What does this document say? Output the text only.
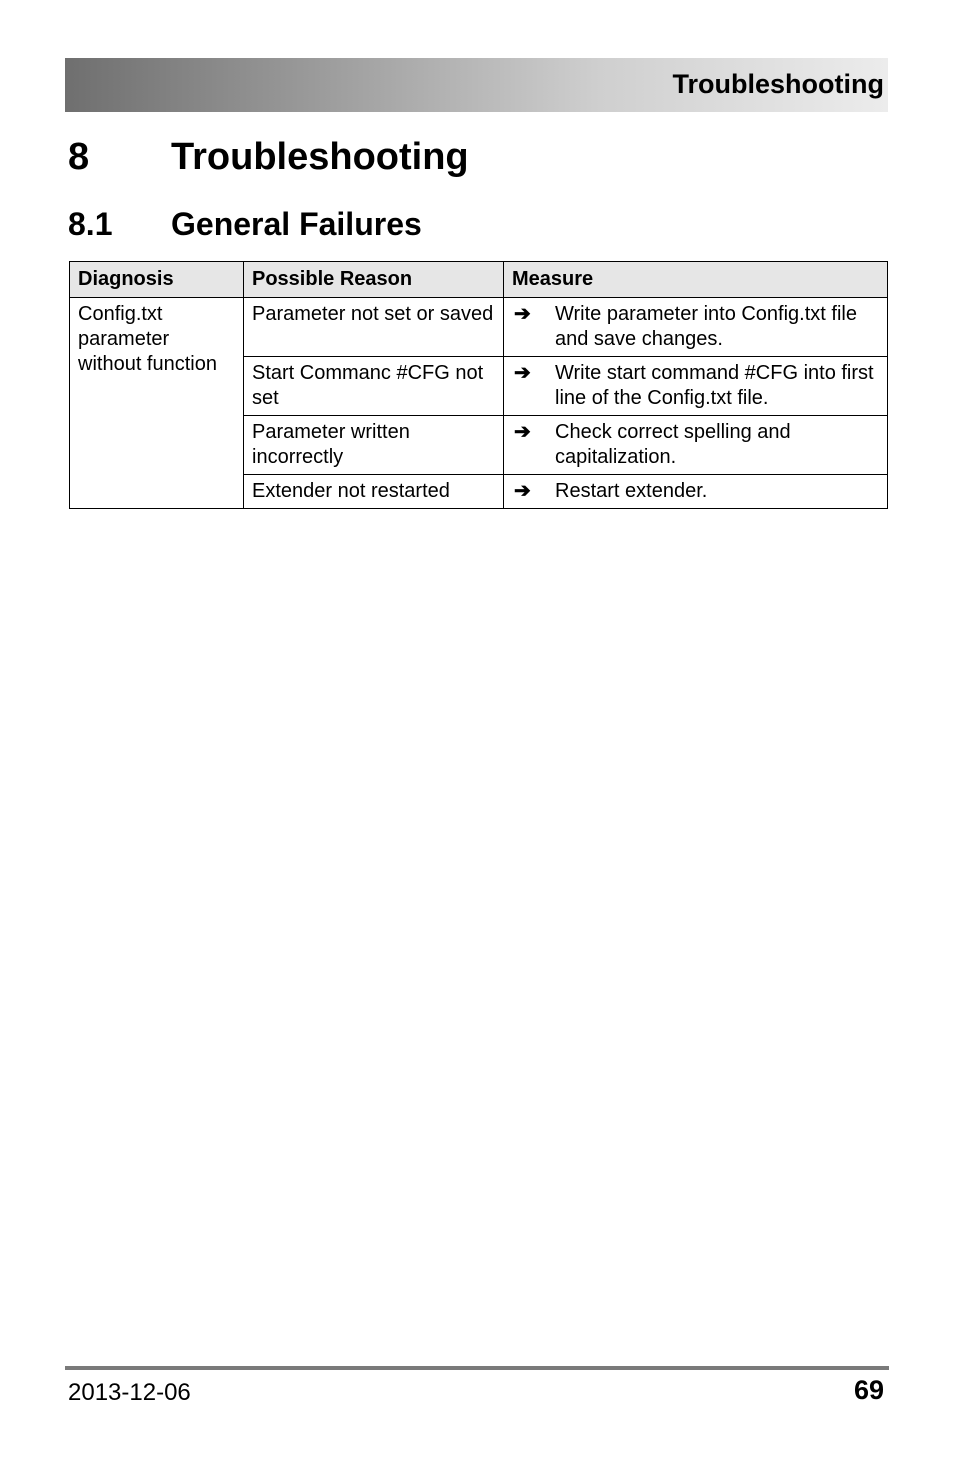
Troubleshooting
8 Troubleshooting
8.1 General Failures
Diagnosis	Possible Reason	Measure
Config.txt parameter without function	Parameter not set or saved	➔ Write parameter into Config.txt file and save changes.
	Start Commanc #CFG not set	➔ Write start command #CFG into first line of the Config.txt file.
	Parameter written incorrectly	➔ Check correct spelling and capitalization.
	Extender not restarted	➔ Restart extender.
2013-12-06	69
